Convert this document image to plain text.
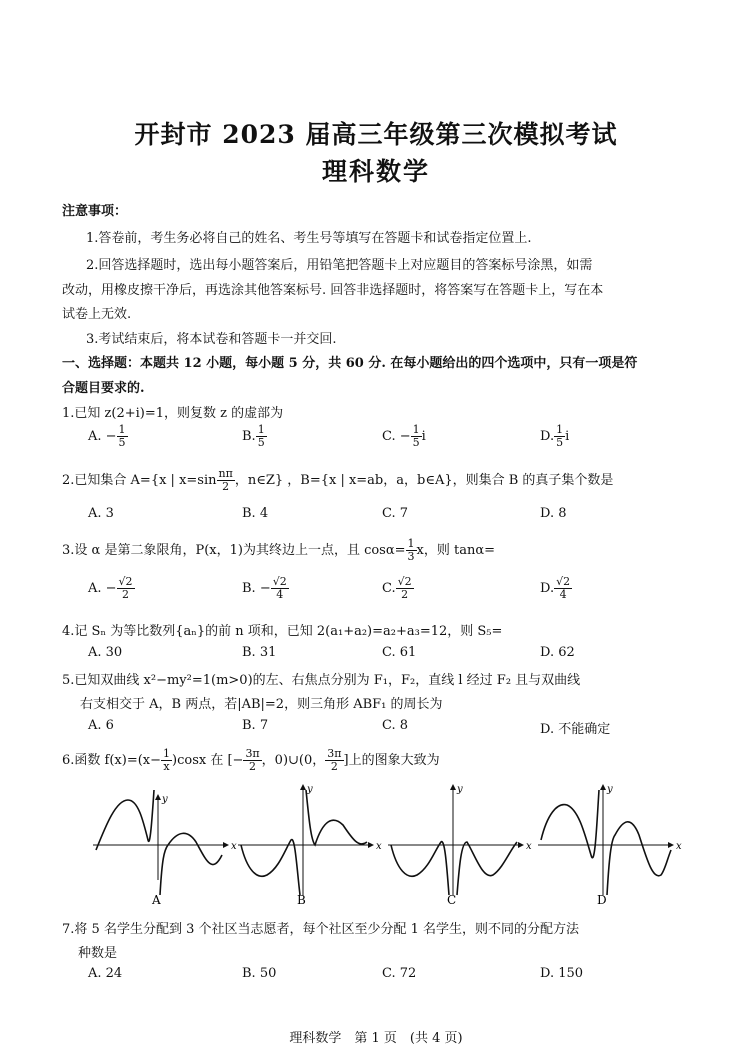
开封市 2023 届高三年级第三次模拟考试
理科数学
注意事项：
1.答卷前，考生务必将自己的姓名、考生号等填写在答题卡和试卷指定位置上.
2.回答选择题时，选出每小题答案后，用铅笔把答题卡上对应题目的答案标号涂黑，如需
改动，用橡皮擦干净后，再选涂其他答案标号. 回答非选择题时，将答案写在答题卡上，写在本
试卷上无效.
3.考试结束后，将本试卷和答题卡一并交回.
一、选择题：本题共 12 小题，每小题 5 分，共 60 分. 在每小题给出的四个选项中，只有一项是符
合题目要求的.
1.已知 z(2+i)=1，则复数 z 的虚部为
A. − $\frac{1}{5}$	B. $\frac{1}{5}$	C. − $\frac{1}{5}$ i	D. $\frac{1}{5}$ i
2.已知集合 A={x | $x=\sin \frac{n\pi}{2}$ ，n∈Z} ，B={x | x=ab，a，b∈A}，则集合 B 的真子集个数是
A. 3	B. 4	C. 7	D. 8
3.设 α 是第二象限角，P(x，1)为其终边上一点，且 $\cos\alpha= \frac{1}{3}$ x，则 tanα=
A. − $\frac{√2}{2}$	B. − $\frac{√2}{4}$	C. $\frac{√2}{2}$	D. $\frac{√2}{4}$
4.记 Sₙ 为等比数列{aₙ}的前 n 项和，已知 2(a₁+a₂)=a₂+a₃=12，则 S₅=
A. 30	B. 31	C. 61	D. 62
5.已知双曲线 x²−my²=1(m>0)的左、右焦点分别为 F₁，F₂，直线 l 经过 F₂ 且与双曲线
右支相交于 A，B 两点，若|AB|=2，则三角形 ABF₁ 的周长为
A. 6	B. 7	C. 8	D. 不能确定
6.函数 $f(x)=(x- \frac{1}{x} )\cos x$ 在 [− $\frac{3\pi}{2}$ ，0)∪(0， $\frac{3\pi}{2}$ ]上的图象大致为
x
y
A
x
y
B
x
y
C
x
y
D
7.将 5 名学生分配到 3 个社区当志愿者，每个社区至少分配 1 名学生，则不同的分配方法
种数是
A. 24	B. 50	C. 72	D. 150
理科数学　第 1 页　(共 4 页)
